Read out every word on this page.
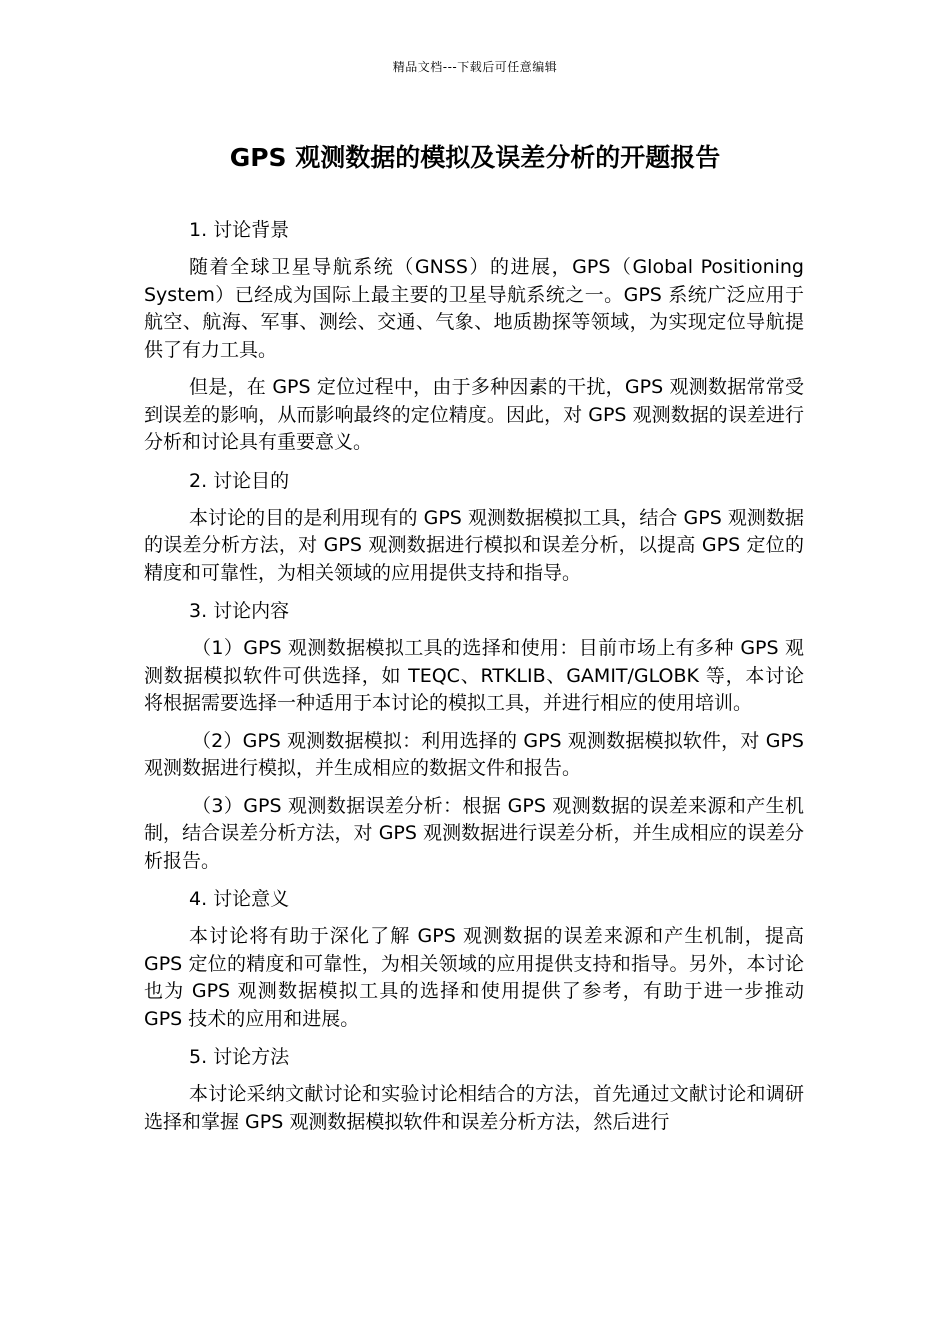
精品文档---下载后可任意编辑
GPS 观测数据的模拟及误差分析的开题报告

1. 讨论背景

随着全球卫星导航系统（GNSS）的进展，GPS（Global Positioning System）已经成为国际上最主要的卫星导航系统之一。GPS 系统广泛应用于航空、航海、军事、测绘、交通、气象、地质勘探等领域，为实现定位导航提供了有力工具。

但是，在 GPS 定位过程中，由于多种因素的干扰，GPS 观测数据常常受到误差的影响，从而影响最终的定位精度。因此，对 GPS 观测数据的误差进行分析和讨论具有重要意义。

2. 讨论目的

本讨论的目的是利用现有的 GPS 观测数据模拟工具，结合 GPS 观测数据的误差分析方法，对 GPS 观测数据进行模拟和误差分析，以提高 GPS 定位的精度和可靠性，为相关领域的应用提供支持和指导。

3. 讨论内容

（1）GPS 观测数据模拟工具的选择和使用：目前市场上有多种 GPS 观测数据模拟软件可供选择，如 TEQC、RTKLIB、GAMIT/GLOBK 等，本讨论将根据需要选择一种适用于本讨论的模拟工具，并进行相应的使用培训。

（2）GPS 观测数据模拟：利用选择的 GPS 观测数据模拟软件，对 GPS 观测数据进行模拟，并生成相应的数据文件和报告。

（3）GPS 观测数据误差分析：根据 GPS 观测数据的误差来源和产生机制，结合误差分析方法，对 GPS 观测数据进行误差分析，并生成相应的误差分析报告。

4. 讨论意义

本讨论将有助于深化了解 GPS 观测数据的误差来源和产生机制，提高 GPS 定位的精度和可靠性，为相关领域的应用提供支持和指导。另外，本讨论也为 GPS 观测数据模拟工具的选择和使用提供了参考，有助于进一步推动 GPS 技术的应用和进展。

5. 讨论方法

本讨论采纳文献讨论和实验讨论相结合的方法，首先通过文献讨论和调研选择和掌握 GPS 观测数据模拟软件和误差分析方法，然后进行
